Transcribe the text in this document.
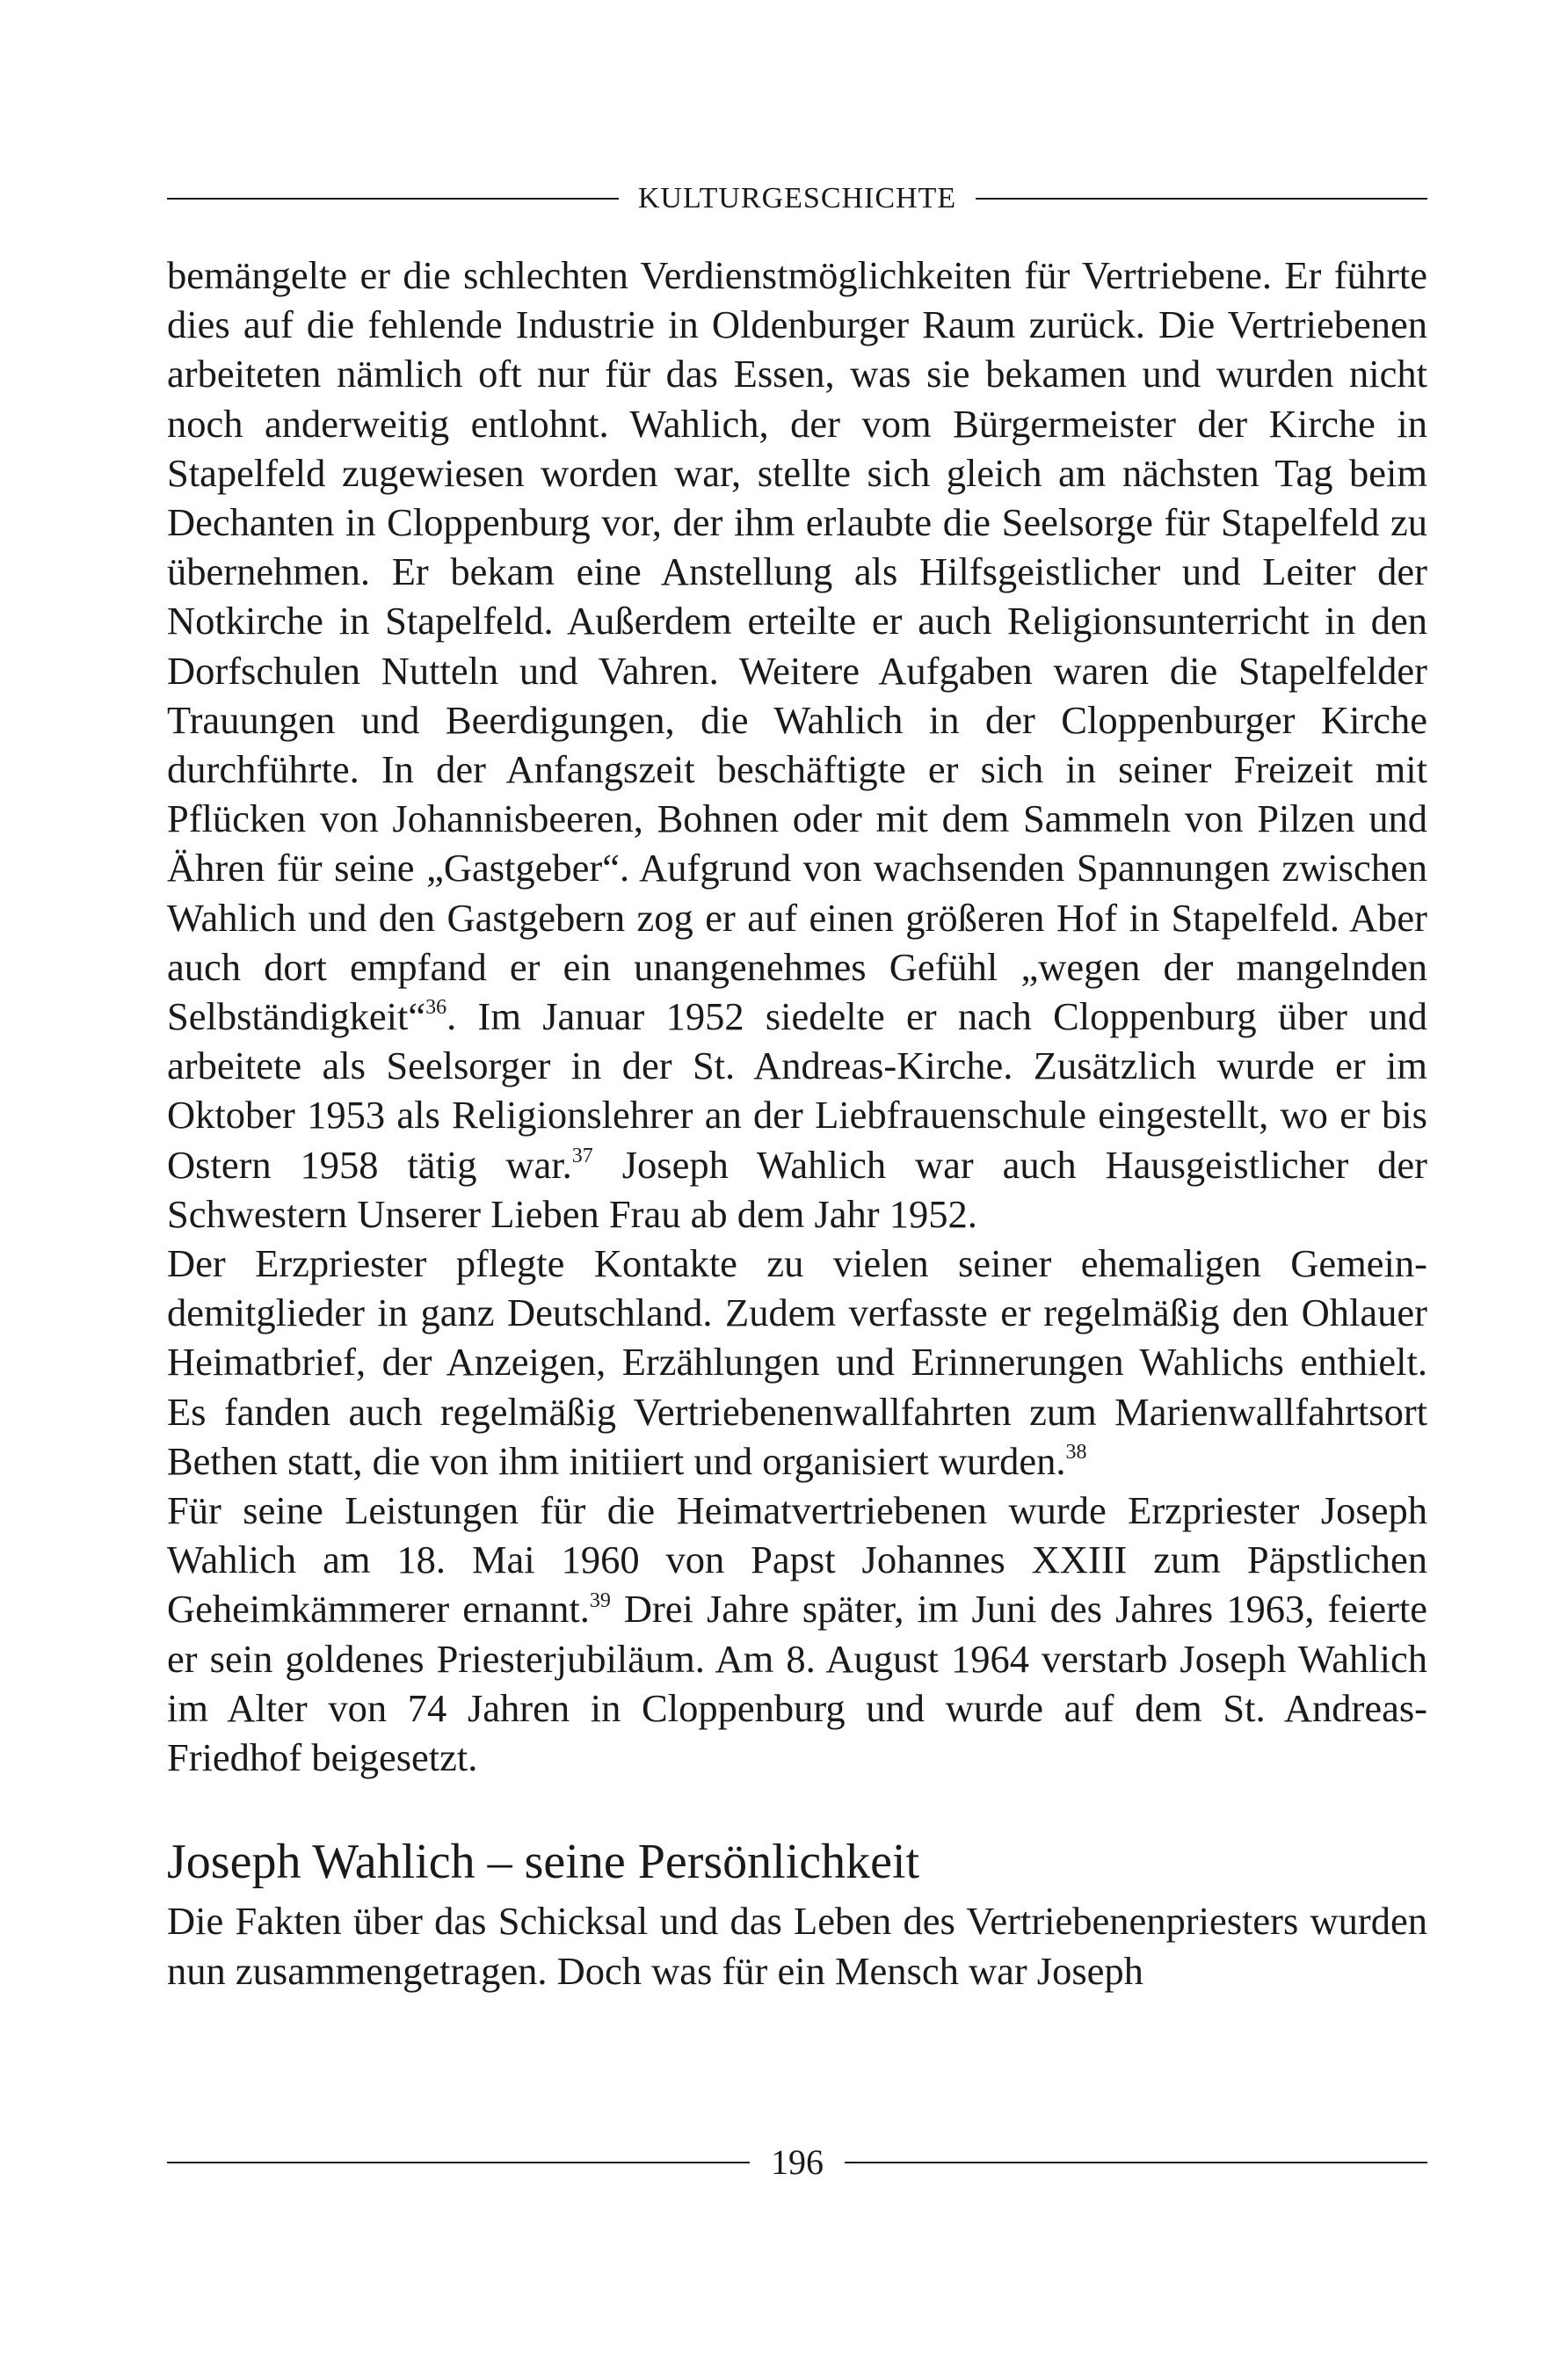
KULTURGESCHICHTE

bemängelte er die schlechten Verdienstmöglichkeiten für Vertriebene. Er führte dies auf die fehlende Industrie in Oldenburger Raum zurück. Die Vertriebenen arbeiteten nämlich oft nur für das Essen, was sie bekamen und wurden nicht noch anderweitig entlohnt. Wahlich, der vom Bürgermeister der Kirche in Stapelfeld zugewiesen worden war, stellte sich gleich am nächsten Tag beim Dechanten in Cloppenburg vor, der ihm erlaubte die Seelsorge für Stapelfeld zu übernehmen. Er bekam eine Anstellung als Hilfsgeistlicher und Leiter der Notkirche in Stapelfeld. Außerdem erteilte er auch Religionsunterricht in den Dorfschulen Nutteln und Vahren. Weitere Aufgaben waren die Stapelfelder Trauungen und Beerdigungen, die Wahlich in der Cloppenburger Kirche durchführte. In der Anfangszeit beschäftigte er sich in seiner Freizeit mit Pflücken von Johannisbeeren, Bohnen oder mit dem Sammeln von Pilzen und Ähren für seine „Gastgeber“. Aufgrund von wachsenden Spannungen zwischen Wahlich und den Gastgebern zog er auf einen größeren Hof in Stapelfeld. Aber auch dort empfand er ein unangenehmes Gefühl „wegen der mangelnden Selbständigkeit“$^{36}$. Im Januar 1952 siedelte er nach Cloppenburg über und arbeitete als Seelsorger in der St. Andreas-Kirche. Zusätzlich wurde er im Oktober 1953 als Religionslehrer an der Liebfrauenschule eingestellt, wo er bis Ostern 1958 tätig war.$^{37}$ Joseph Wahlich war auch Hausgeistlicher der Schwestern Unserer Lieben Frau ab dem Jahr 1952.

Der Erzpriester pflegte Kontakte zu vielen seiner ehemaligen Gemeindemitglieder in ganz Deutschland. Zudem verfasste er regelmäßig den Ohlauer Heimatbrief, der Anzeigen, Erzählungen und Erinnerungen Wahlichs enthielt. Es fanden auch regelmäßig Vertriebenenwallfahrten zum Marienwallfahrtsort Bethen statt, die von ihm initiiert und organisiert wurden.$^{38}$

Für seine Leistungen für die Heimatvertriebenen wurde Erzpriester Joseph Wahlich am 18. Mai 1960 von Papst Johannes XXIII zum Päpstlichen Geheimkämmerer ernannt.$^{39}$ Drei Jahre später, im Juni des Jahres 1963, feierte er sein goldenes Priesterjubiläum. Am 8. August 1964 verstarb Joseph Wahlich im Alter von 74 Jahren in Cloppenburg und wurde auf dem St. Andreas-Friedhof beigesetzt.

Joseph Wahlich – seine Persönlichkeit

Die Fakten über das Schicksal und das Leben des Vertriebenenpriesters wurden nun zusammengetragen. Doch was für ein Mensch war Joseph

196
